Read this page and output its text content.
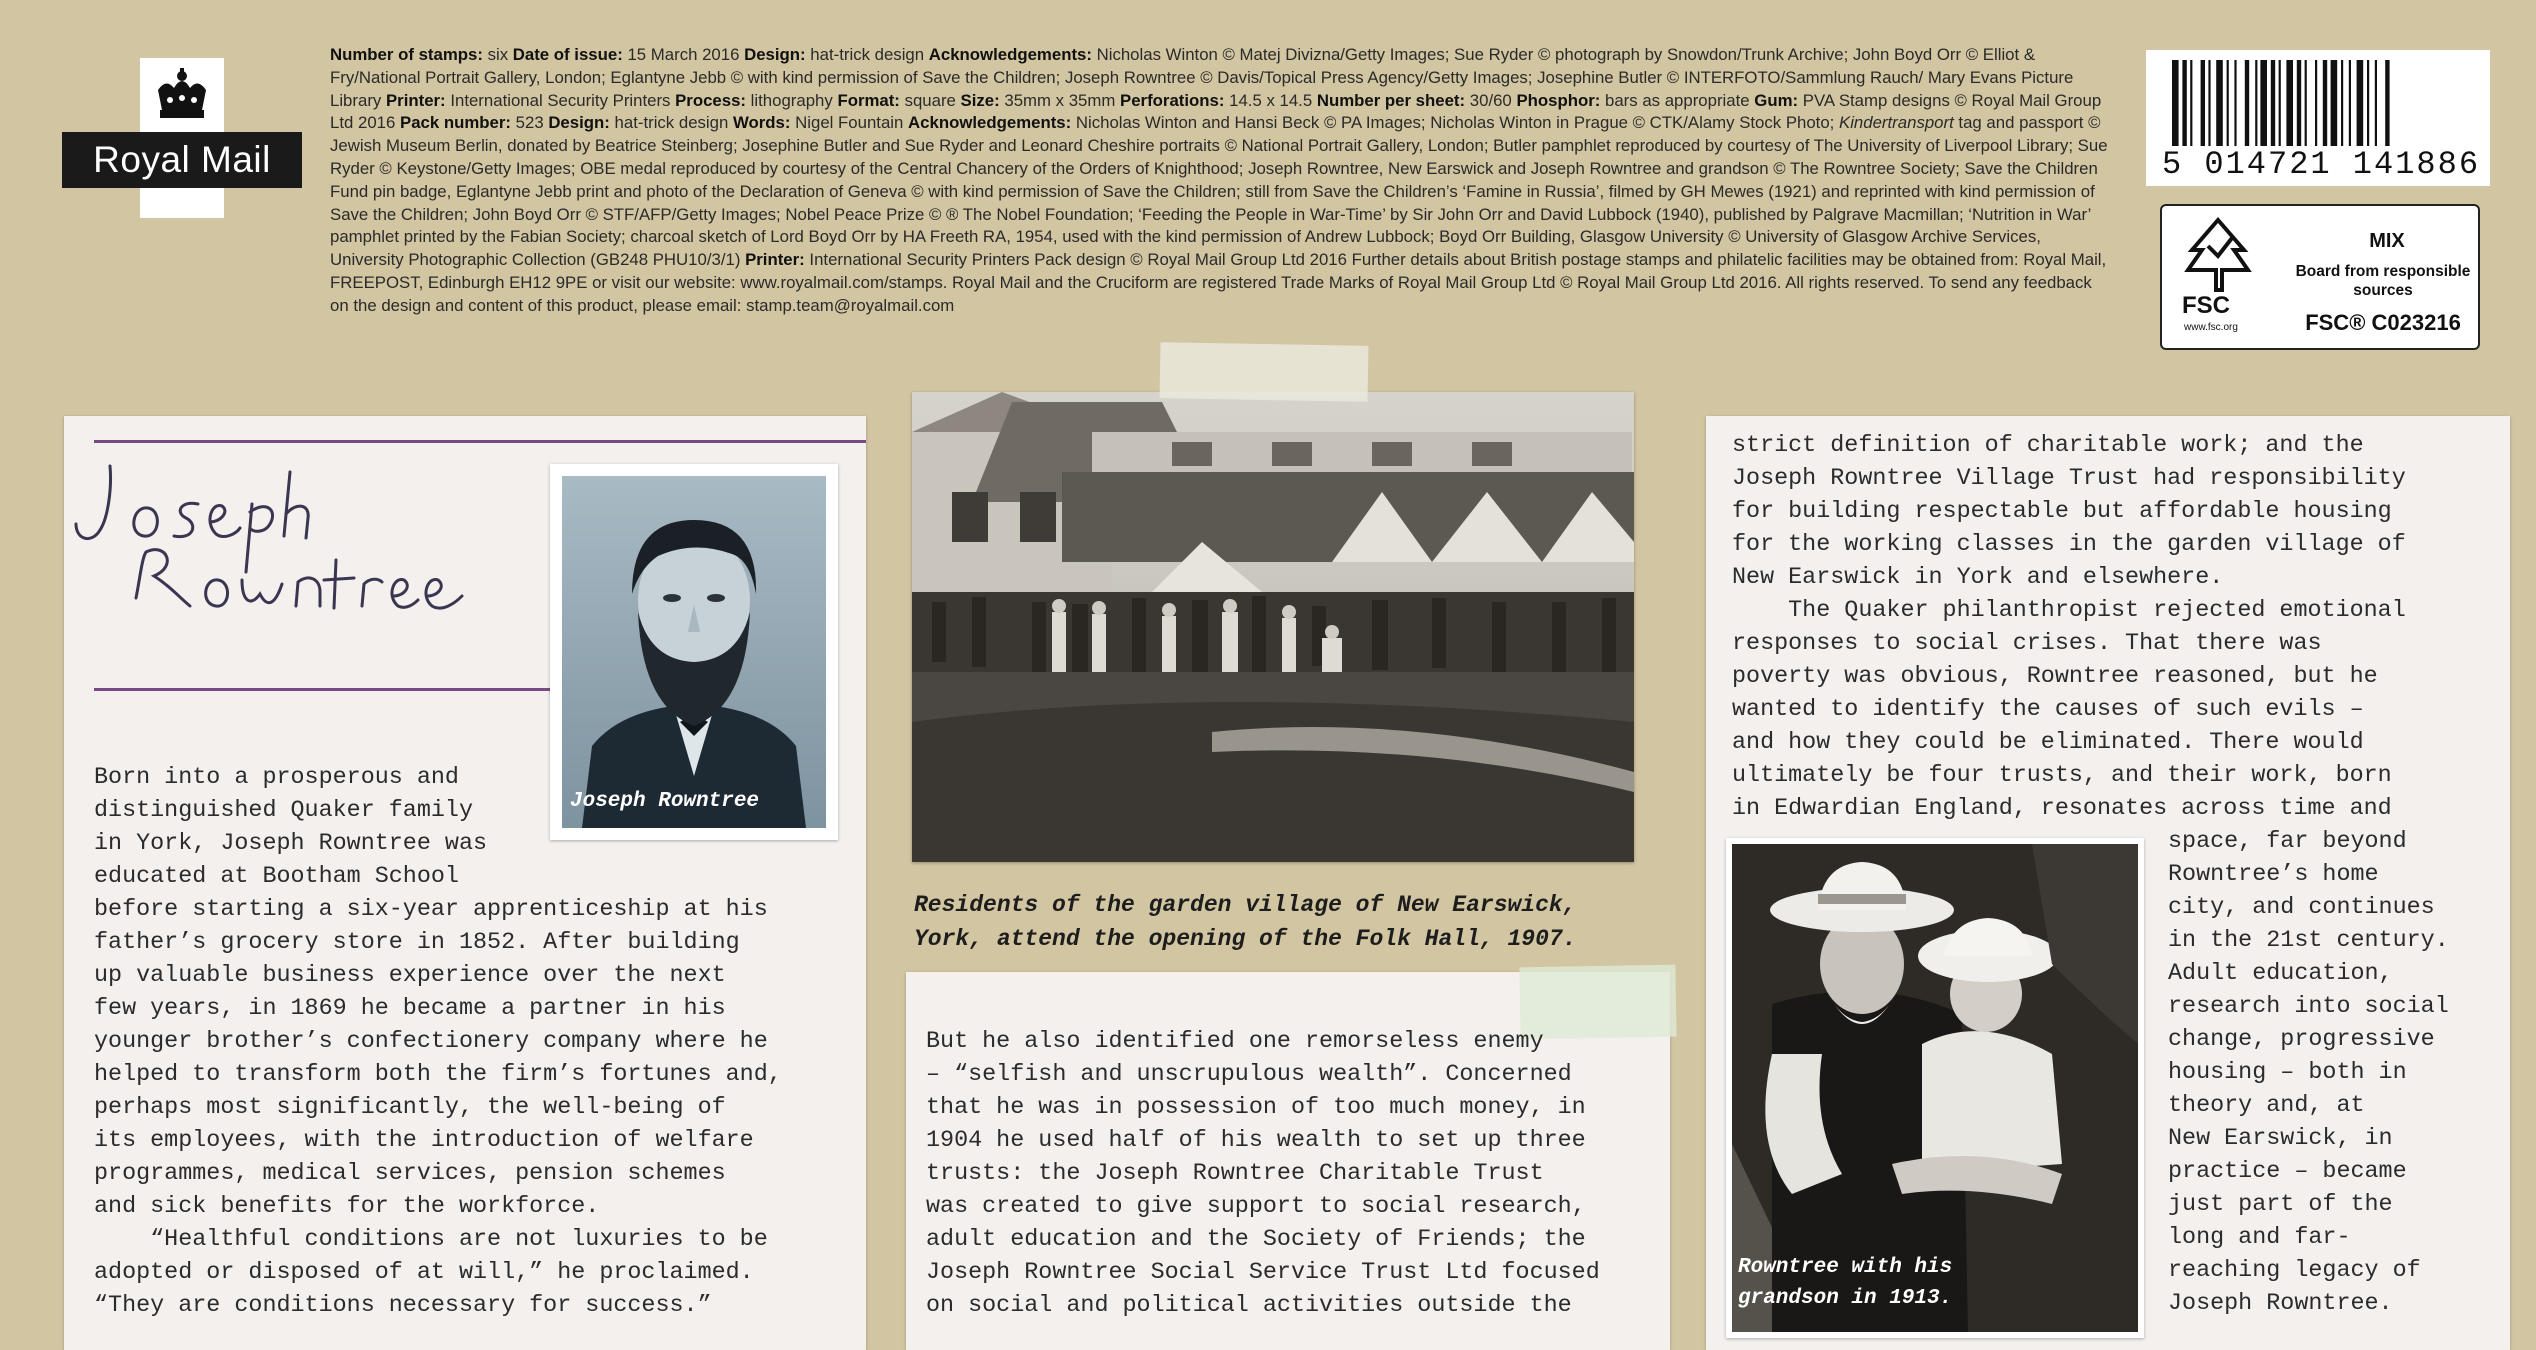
Royal Mail
Number of stamps: six Date of issue: 15 March 2016 Design: hat-trick design Acknowledgements: Nicholas Winton © Matej Divizna/Getty Images; Sue Ryder © photograph by Snowdon/Trunk Archive; John Boyd Orr © Elliot & Fry/National Portrait Gallery, London; Eglantyne Jebb © with kind permission of Save the Children; Joseph Rowntree © Davis/Topical Press Agency/Getty Images; Josephine Butler © INTERFOTO/Sammlung Rauch/ Mary Evans Picture Library Printer: International Security Printers Process: lithography Format: square Size: 35mm x 35mm Perforations: 14.5 x 14.5 Number per sheet: 30/60 Phosphor: bars as appropriate Gum: PVA Stamp designs © Royal Mail Group Ltd 2016 Pack number: 523 Design: hat-trick design Words: Nigel Fountain Acknowledgements: Nicholas Winton and Hansi Beck © PA Images; Nicholas Winton in Prague © CTK/Alamy Stock Photo; Kindertransport tag and passport © Jewish Museum Berlin, donated by Beatrice Steinberg; Josephine Butler and Sue Ryder and Leonard Cheshire portraits © National Portrait Gallery, London; Butler pamphlet reproduced by courtesy of The University of Liverpool Library; Sue Ryder © Keystone/Getty Images; OBE medal reproduced by courtesy of the Central Chancery of the Orders of Knighthood; Joseph Rowntree, New Earswick and Joseph Rowntree and grandson © The Rowntree Society; Save the Children Fund pin badge, Eglantyne Jebb print and photo of the Declaration of Geneva © with kind permission of Save the Children; still from Save the Children’s ‘Famine in Russia’, filmed by GH Mewes (1921) and reprinted with kind permission of Save the Children; John Boyd Orr © STF/AFP/Getty Images; Nobel Peace Prize © ® The Nobel Foundation; ‘Feeding the People in War-Time’ by Sir John Orr and David Lubbock (1940), published by Palgrave Macmillan; ‘Nutrition in War’ pamphlet printed by the Fabian Society; charcoal sketch of Lord Boyd Orr by HA Freeth RA, 1954, used with the kind permission of Andrew Lubbock; Boyd Orr Building, Glasgow University © University of Glasgow Archive Services, University Photographic Collection (GB248 PHU10/3/1) Printer: International Security Printers Pack design © Royal Mail Group Ltd 2016 Further details about British postage stamps and philatelic facilities may be obtained from: Royal Mail, FREEPOST, Edinburgh EH12 9PE or visit our website: www.royalmail.com/stamps. Royal Mail and the Cruciform are registered Trade Marks of Royal Mail Group Ltd © Royal Mail Group Ltd 2016. All rights reserved. To send any feedback on the design and content of this product, please email: stamp.team@royalmail.com
5 014721 141886
FSC
www.fsc.org
MIX
Board from responsible sources
FSC® C023216
Joseph Rowntree
Born into a prosperous and
distinguished Quaker family
in York, Joseph Rowntree was
educated at Bootham School
before starting a six-year apprenticeship at his
father’s grocery store in 1852. After building
up valuable business experience over the next
few years, in 1869 he became a partner in his
younger brother’s confectionery company where he
helped to transform both the firm’s fortunes and,
perhaps most significantly, the well-being of
its employees, with the introduction of welfare
programmes, medical services, pension schemes
and sick benefits for the workforce.
“Healthful conditions are not luxuries to be
adopted or disposed of at will,” he proclaimed.
“They are conditions necessary for success.”
Residents of the garden village of New Earswick,
York, attend the opening of the Folk Hall, 1907.
But he also identified one remorseless enemy
– “selfish and unscrupulous wealth”. Concerned
that he was in possession of too much money, in
1904 he used half of his wealth to set up three
trusts: the Joseph Rowntree Charitable Trust
was created to give support to social research,
adult education and the Society of Friends; the
Joseph Rowntree Social Service Trust Ltd focused
on social and political activities outside the
strict definition of charitable work; and the
Joseph Rowntree Village Trust had responsibility
for building respectable but affordable housing
for the working classes in the garden village of
New Earswick in York and elsewhere.
The Quaker philanthropist rejected emotional
responses to social crises. That there was
poverty was obvious, Rowntree reasoned, but he
wanted to identify the causes of such evils –
and how they could be eliminated. There would
ultimately be four trusts, and their work, born
in Edwardian England, resonates across time and
Rowntree with his
grandson in 1913.
space, far beyond
Rowntree’s home
city, and continues
in the 21st century.
Adult education,
research into social
change, progressive
housing – both in
theory and, at
New Earswick, in
practice – became
just part of the
long and far-
reaching legacy of
Joseph Rowntree.
